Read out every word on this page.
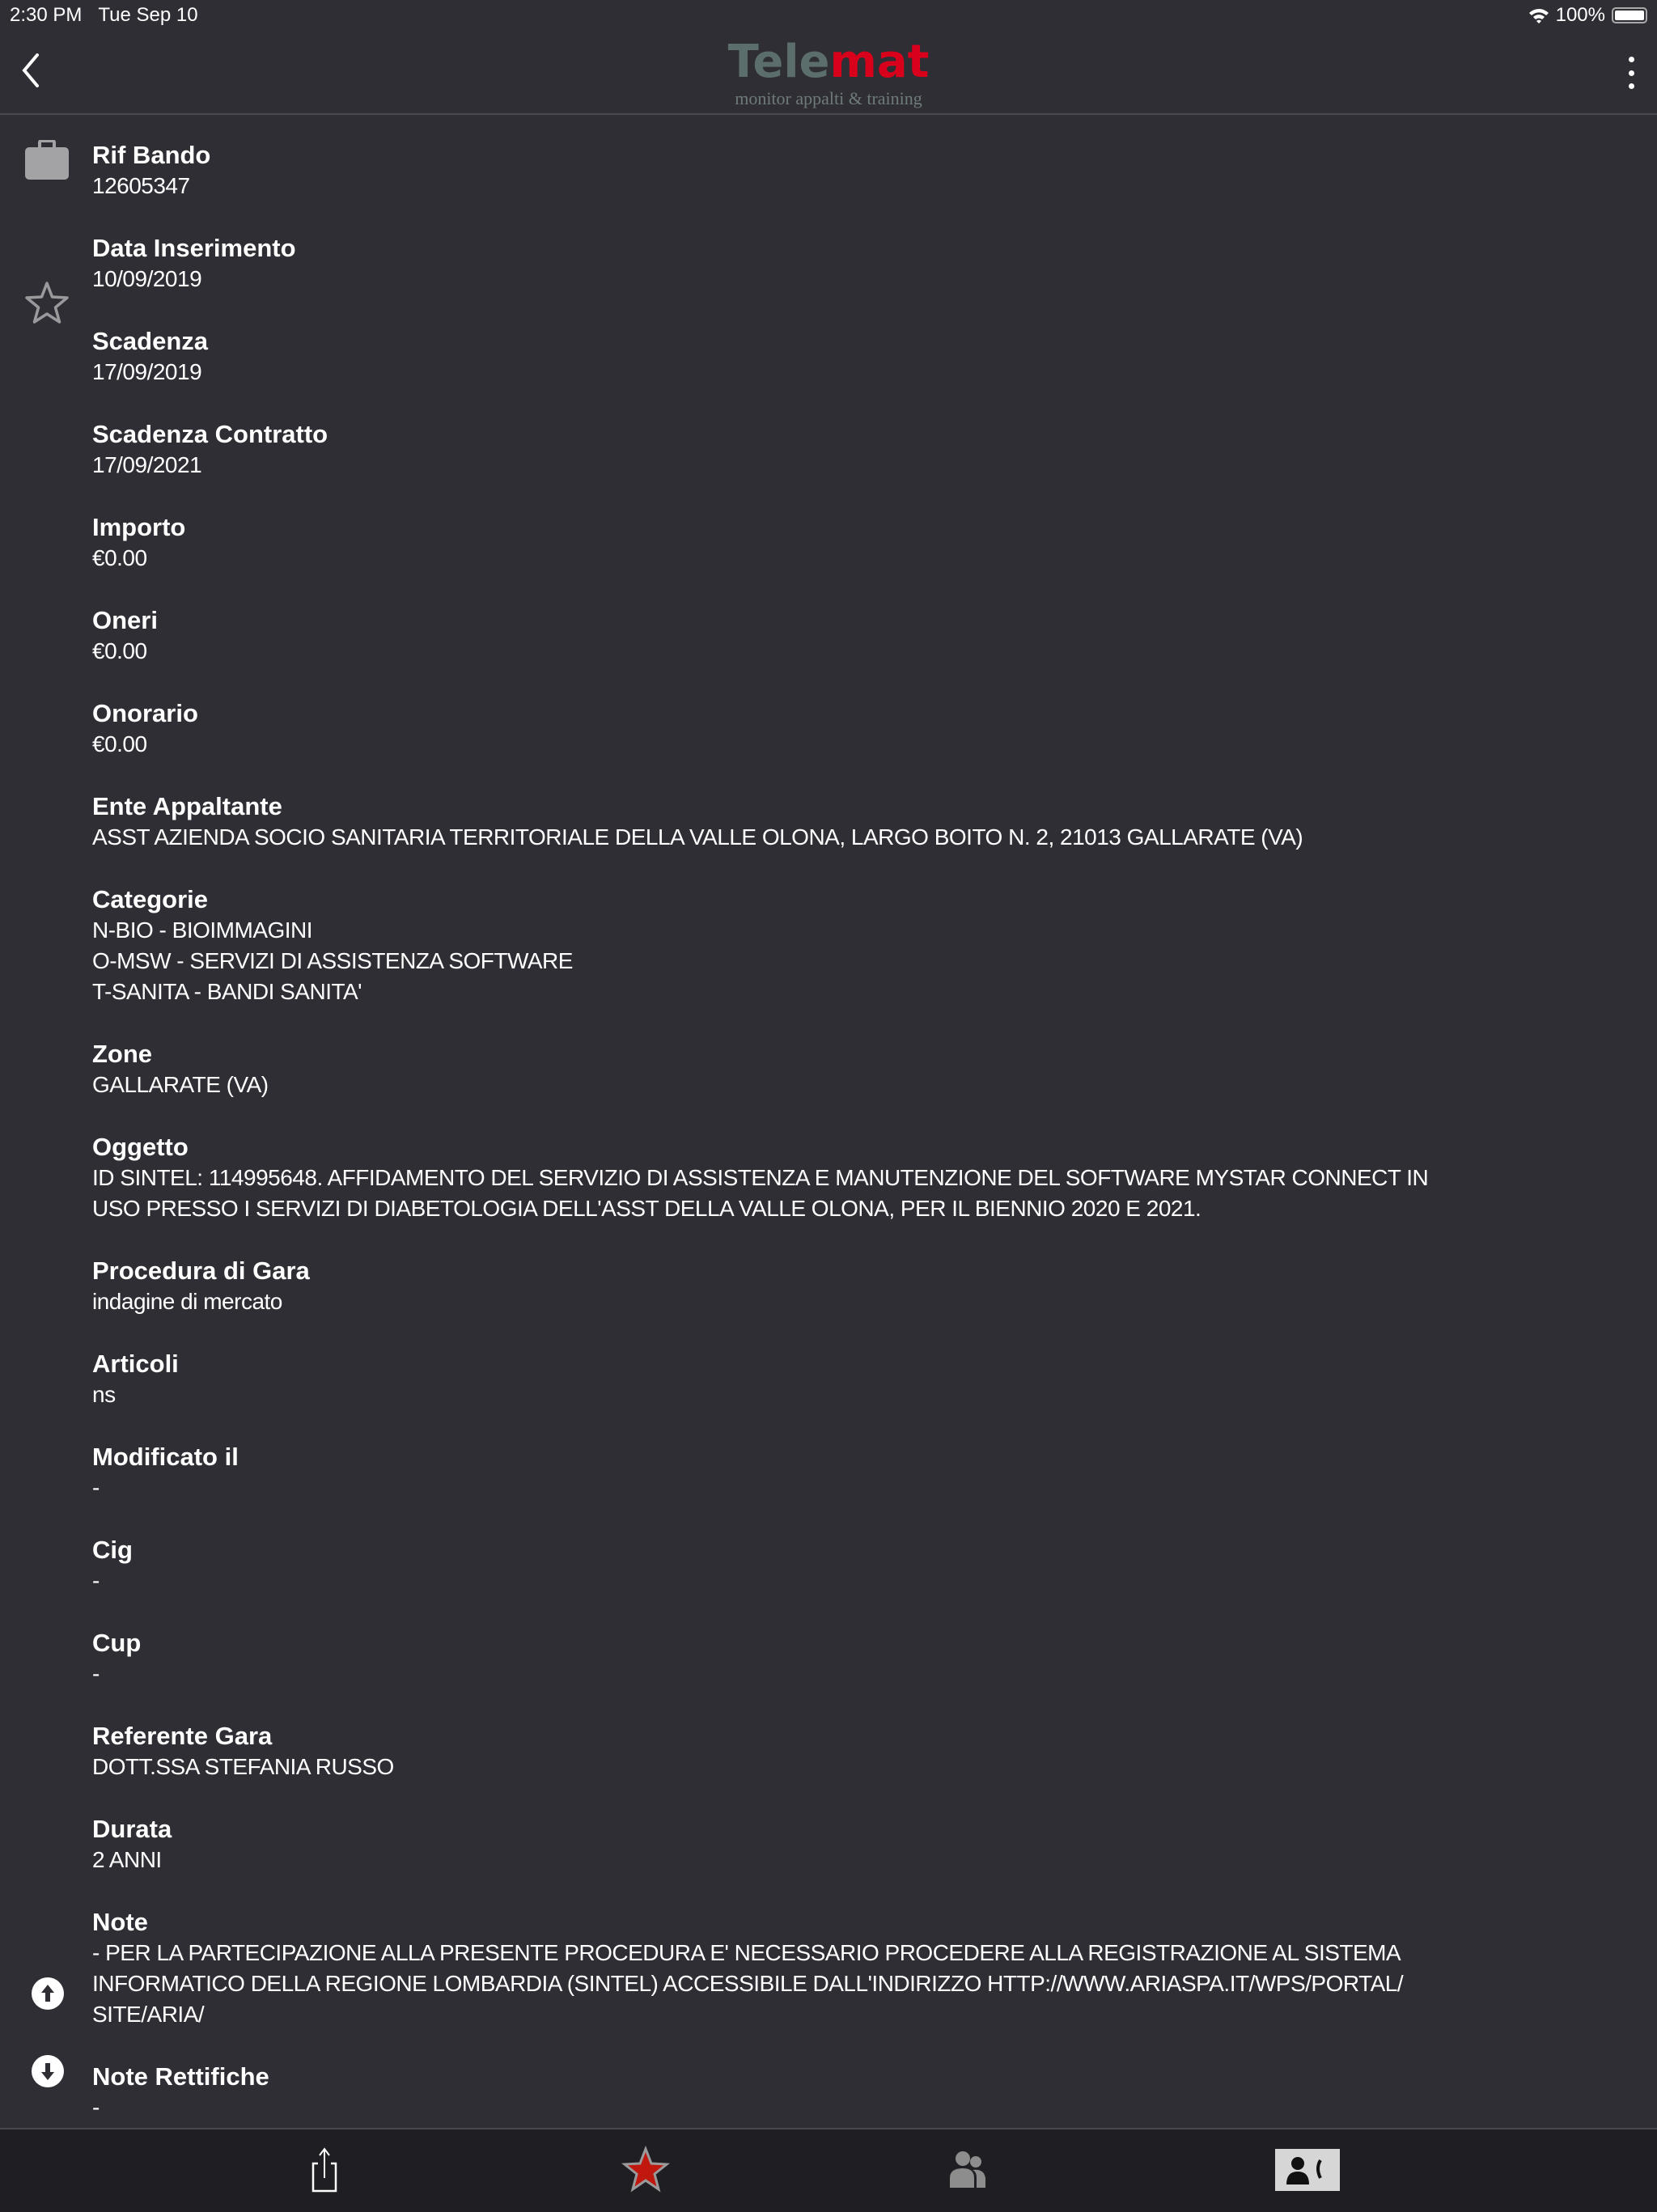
2:30 PM Tue Sep 10	100%
Telemat
monitor appalti & training
Rif Bando
12605347
Data Inserimento
10/09/2019
Scadenza
17/09/2019
Scadenza Contratto
17/09/2021
Importo
€0.00
Oneri
€0.00
Onorario
€0.00
Ente Appaltante
ASST AZIENDA SOCIO SANITARIA TERRITORIALE DELLA VALLE OLONA, LARGO BOITO N. 2, 21013 GALLARATE (VA)
Categorie
N-BIO - BIOIMMAGINI
O-MSW - SERVIZI DI ASSISTENZA SOFTWARE
T-SANITA - BANDI SANITA'
Zone
GALLARATE (VA)
Oggetto
ID SINTEL: 114995648. AFFIDAMENTO DEL SERVIZIO DI ASSISTENZA E MANUTENZIONE DEL SOFTWARE MYSTAR CONNECT IN
USO PRESSO I SERVIZI DI DIABETOLOGIA DELL'ASST DELLA VALLE OLONA, PER IL BIENNIO 2020 E 2021.
Procedura di Gara
indagine di mercato
Articoli
ns
Modificato il
-
Cig
-
Cup
-
Referente Gara
DOTT.SSA STEFANIA RUSSO
Durata
2 ANNI
Note
- PER LA PARTECIPAZIONE ALLA PRESENTE PROCEDURA E' NECESSARIO PROCEDERE ALLA REGISTRAZIONE AL SISTEMA
INFORMATICO DELLA REGIONE LOMBARDIA (SINTEL) ACCESSIBILE DALL'INDIRIZZO HTTP://WWW.ARIASPA.IT/WPS/PORTAL/
SITE/ARIA/
Note Rettifiche
-
